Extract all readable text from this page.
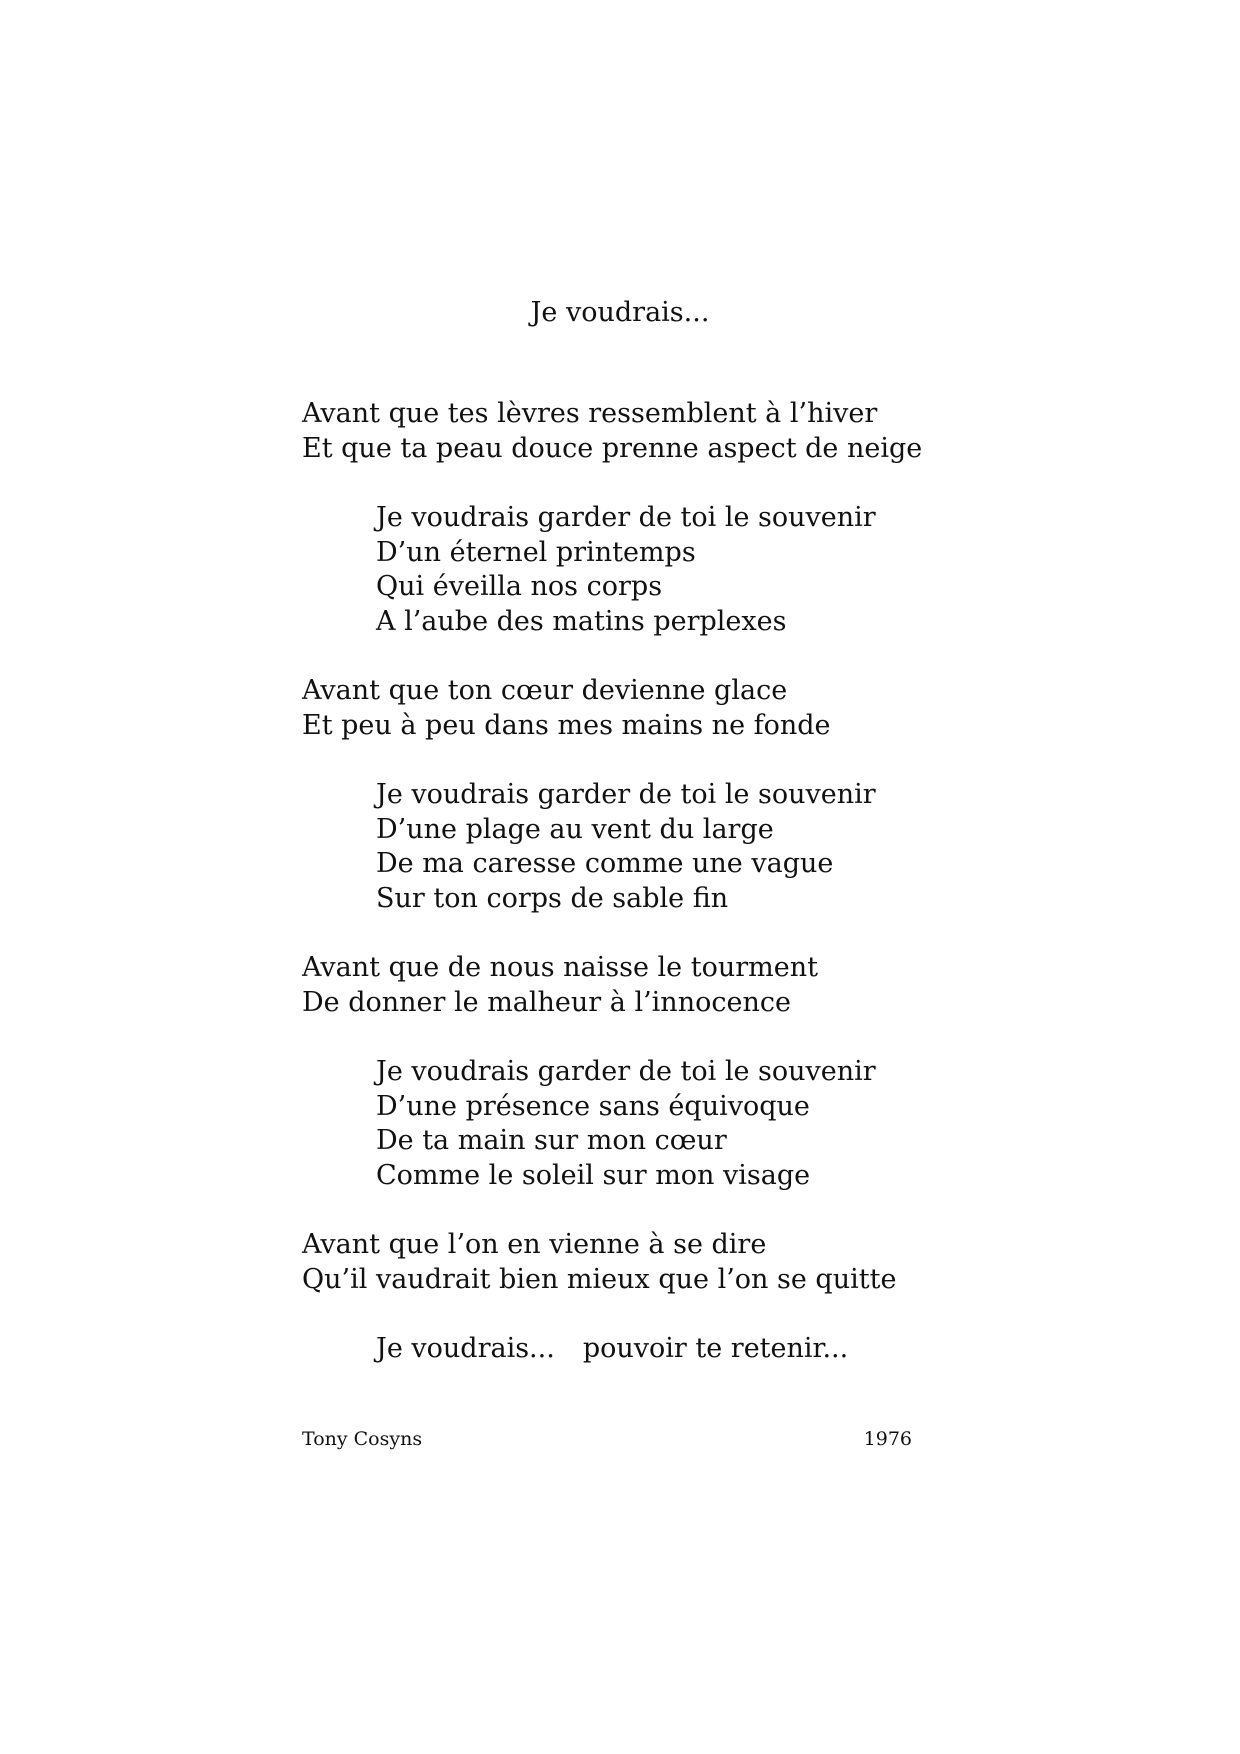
Je voudrais...
Avant que tes lèvres ressemblent à l’hiver
Et que ta peau douce prenne aspect de neige
Je voudrais garder de toi le souvenir
D’un éternel printemps
Qui éveilla nos corps
A l’aube des matins perplexes
Avant que ton cœur devienne glace
Et peu à peu dans mes mains ne fonde
Je voudrais garder de toi le souvenir
D’une plage au vent du large
De ma caresse comme une vague
Sur ton corps de sable fin
Avant que de nous naisse le tourment
De donner le malheur à l’innocence
Je voudrais garder de toi le souvenir
D’une présence sans équivoque
De ta main sur mon cœur
Comme le soleil sur mon visage
Avant que l’on en vienne à se dire
Qu’il vaudrait bien mieux que l’on se quitte
Je voudrais... pouvoir te retenir...
Tony Cosyns	1976
